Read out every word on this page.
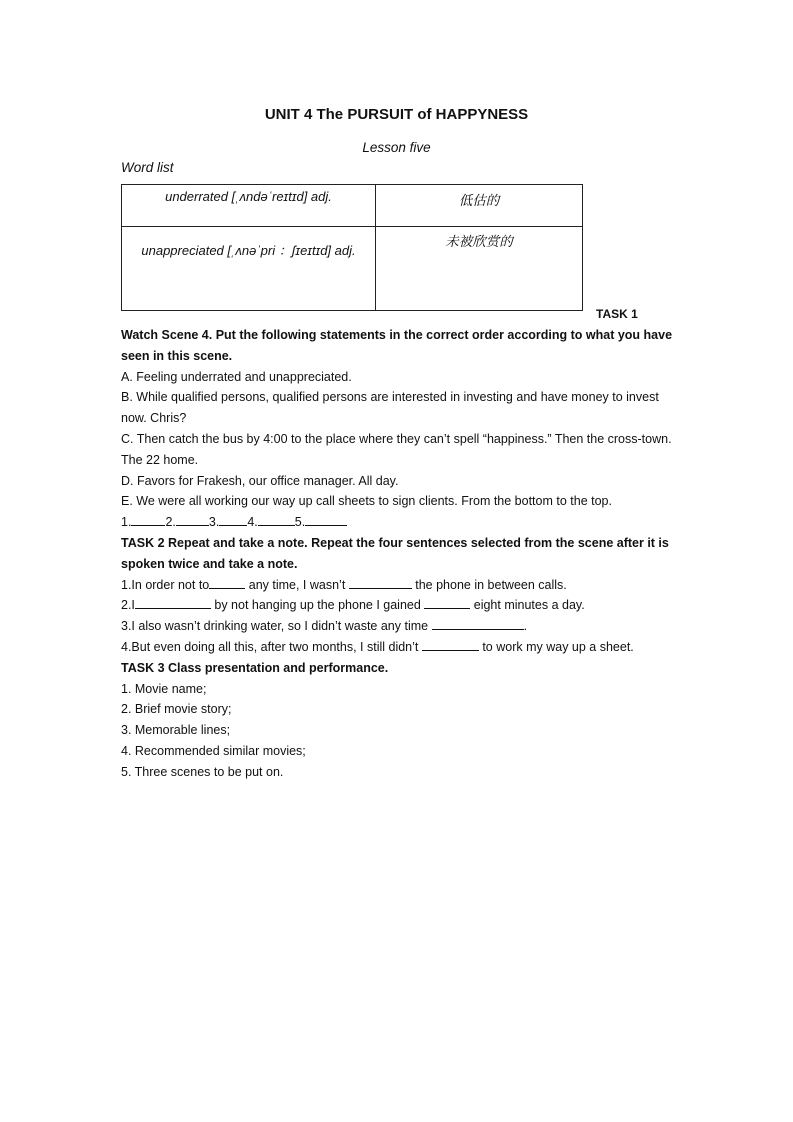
UNIT 4 The PURSUIT of HAPPYNESS
Lesson five
Word list
underrated [ˌʌndəˈreɪtɪd] adj.	低估的
unappreciated [ˌʌnəˈpri ：ʃɪeɪtɪd] adj.	未被欣赏的
TASK 1

Watch Scene 4. Put the following statements in the correct order according to what you have seen in this scene.

A. Feeling underrated and unappreciated.

B. While qualified persons, qualified persons are interested in investing and have money to invest now. Chris?

C. Then catch the bus by 4:00 to the place where they can’t spell “happiness.” Then the cross-town. The 22 home.

D. Favors for Frakesh, our office manager. All day.

E. We were all working our way up call sheets to sign clients. From the bottom to the top.

1.	2.	3. 4.	5.

TASK 2 Repeat and take a note. Repeat the four sentences selected from the scene after it is spoken twice and take a note.

1.In order not to	any time, I wasn’t	the phone in between calls.

2.I	by not hanging up the phone I gained	eight minutes a day.

3.I also wasn’t drinking water, so I didn’t waste any time	.

4.But even doing all this, after two months, I still didn’t	to work my way up a sheet.

TASK 3 Class presentation and performance.

1. Movie name;

2. Brief movie story;

3. Memorable lines;

4. Recommended similar movies;

5. Three scenes to be put on.
